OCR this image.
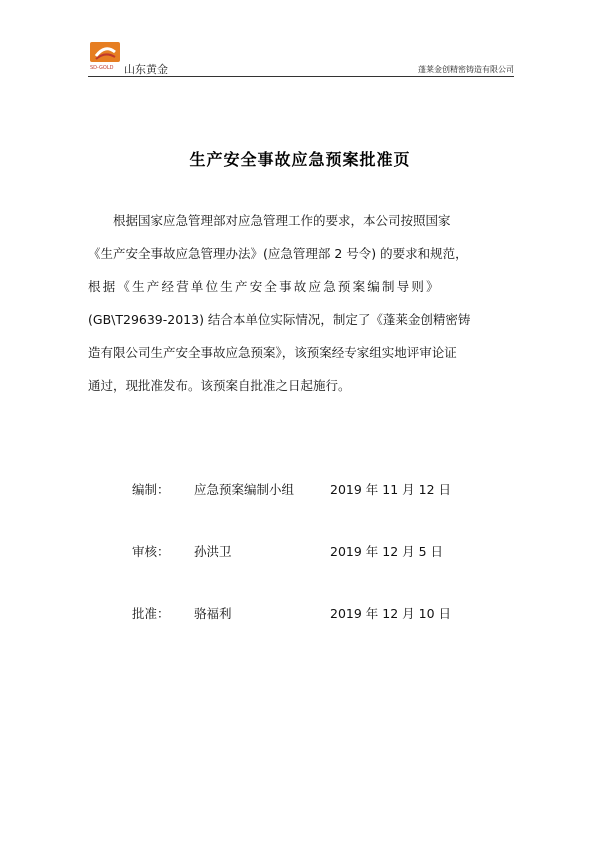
SD-GOLD 山东黄金	蓬莱金创精密铸造有限公司
生产安全事故应急预案批准页
　　根据国家应急管理部对应急管理工作的要求，本公司按照国家
《生产安全事故应急管理办法》(应急管理部 2 号令) 的要求和规范，
根据《生产经营单位生产安全事故应急预案编制导则》
(GB\T29639-2013) 结合本单位实际情况，制定了《蓬莱金创精密铸
造有限公司生产安全事故应急预案》，该预案经专家组实地评审论证
通过，现批准发布。该预案自批准之日起施行。
编制： 应急预案编制小组	2019 年 11 月 12 日
审核： 孙洪卫	2019 年 12 月 5 日
批准： 骆福利	2019 年 12 月 10 日
